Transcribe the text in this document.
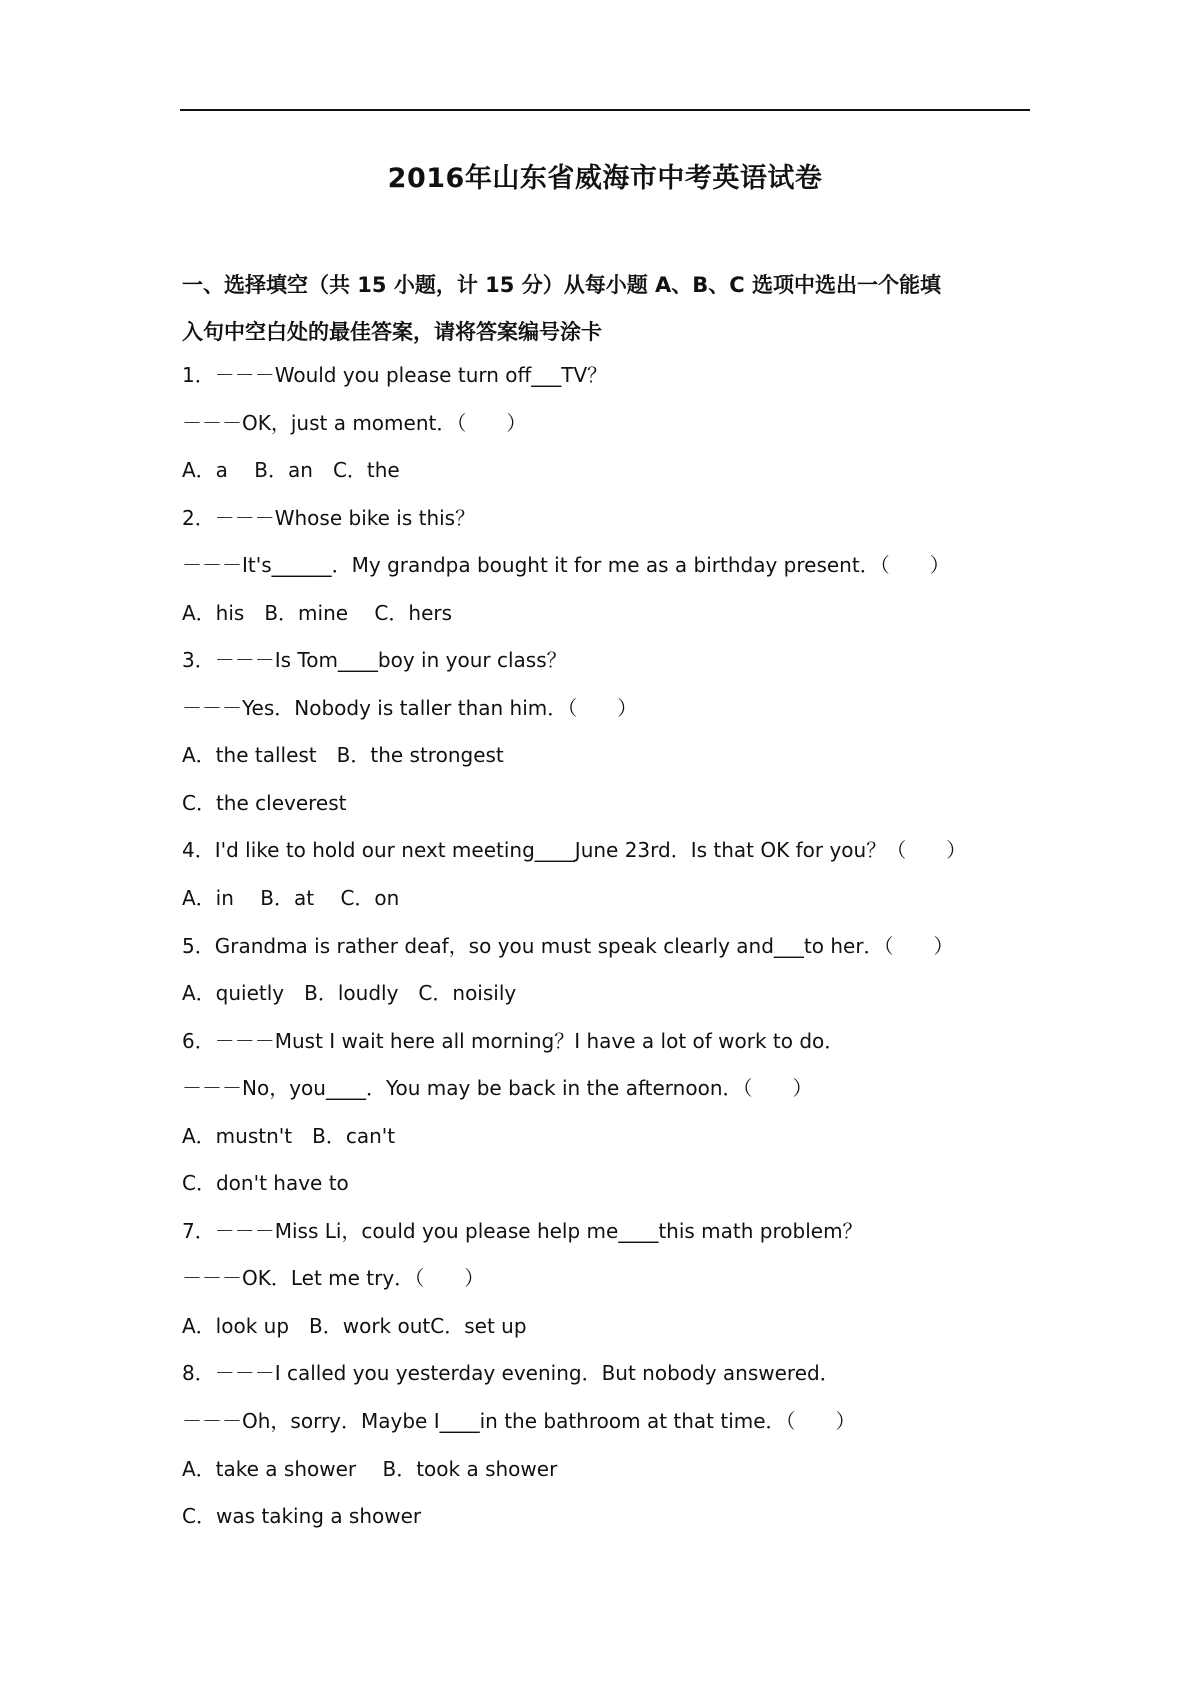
2016年山东省威海市中考英语试卷
一、选择填空（共 15 小题，计 15 分）从每小题 A、B、C 选项中选出一个能填
入句中空白处的最佳答案，请将答案编号涂卡
1．－－－Would you please turn off___TV？
－－－OK，just a moment．（　　）
A．a　 B．an　C．the
2．－－－Whose bike is this？
－－－It's______．My grandpa bought it for me as a birthday present．（　　）
A．his　B．mine　 C．hers
3．－－－Is Tom____boy in your class？
－－－Yes．Nobody is taller than him．（　　）
A．the tallest　B．the strongest
C．the cleverest
4．I'd like to hold our next meeting____June 23rd．Is that OK for you？（　　）
A．in　 B．at　 C．on
5．Grandma is rather deaf，so you must speak clearly and___to her．（　　）
A．quietly　B．loudly　C．noisily
6．－－－Must I wait here all morning？I have a lot of work to do．
－－－No，you____．You may be back in the afternoon．（　　）
A．mustn't　B．can't
C．don't have to
7．－－－Miss Li，could you please help me____this math problem？
－－－OK．Let me try．（　　）
A．look up　B．work outC．set up
8．－－－I called you yesterday evening．But nobody answered．
－－－Oh，sorry．Maybe I____in the bathroom at that time．（　　）
A．take a shower　 B．took a shower
C．was taking a shower
